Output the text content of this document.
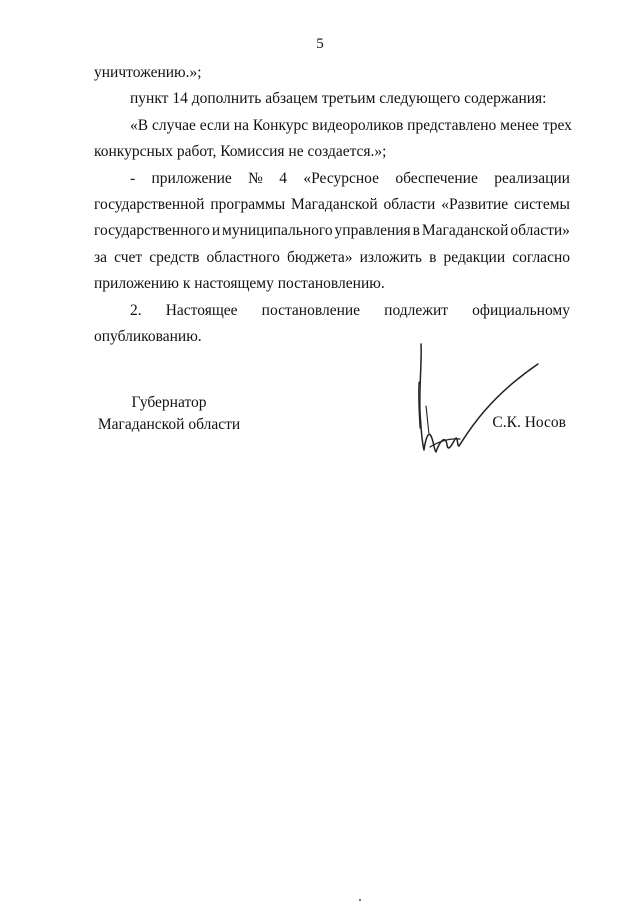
5
уничтожению.»;
пункт 14 дополнить абзацем третьим следующего содержания:
«В случае если на Конкурс видеороликов представлено менее трех
конкурсных работ, Комиссия не создается.»;
- приложение № 4 «Ресурсное обеспечение реализации
государственной программы Магаданской области «Развитие системы
государственного и муниципального управления в Магаданской области»
за счет средств областного бюджета» изложить в редакции согласно
приложению к настоящему постановлению.
2. Настоящее постановление подлежит официальному
опубликованию.
Губернатор
Магаданской области	С.К. Носов
